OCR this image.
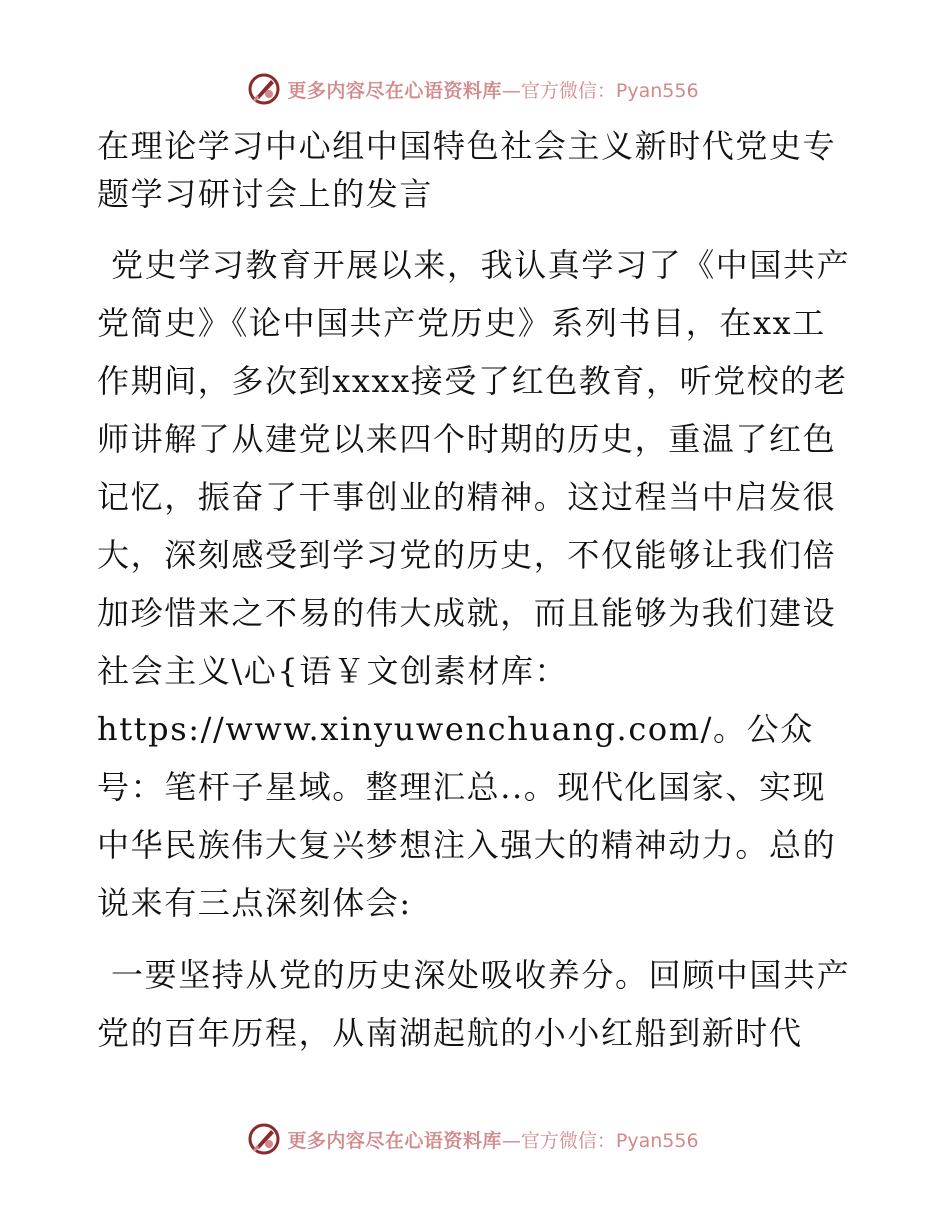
更多内容尽在心语资料库 —官方微信：Pyan556
在理论学习中心组中国特色社会主义新时代党史专题学习研讨会上的发言

党史学习教育开展以来，我认真学习了《中国共产党简史》《论中国共产党历史》系列书目，在xx工作期间，多次到xxxx接受了红色教育，听党校的老师讲解了从建党以来四个时期的历史，重温了红色记忆，振奋了干事创业的精神。这过程当中启发很大，深刻感受到学习党的历史，不仅能够让我们倍加珍惜来之不易的伟大成就，而且能够为我们建设社会主义\心{语￥文创素材库：https://www.xinyuwenchuang.com/。公众号：笔杆子星域。整理汇总..。现代化国家、实现中华民族伟大复兴梦想注入强大的精神动力。总的说来有三点深刻体会:

一要坚持从党的历史深处吸收养分。回顾中国共产党的百年历程，从南湖起航的小小红船到新时代

更多内容尽在心语资料库 —官方微信：Pyan556
